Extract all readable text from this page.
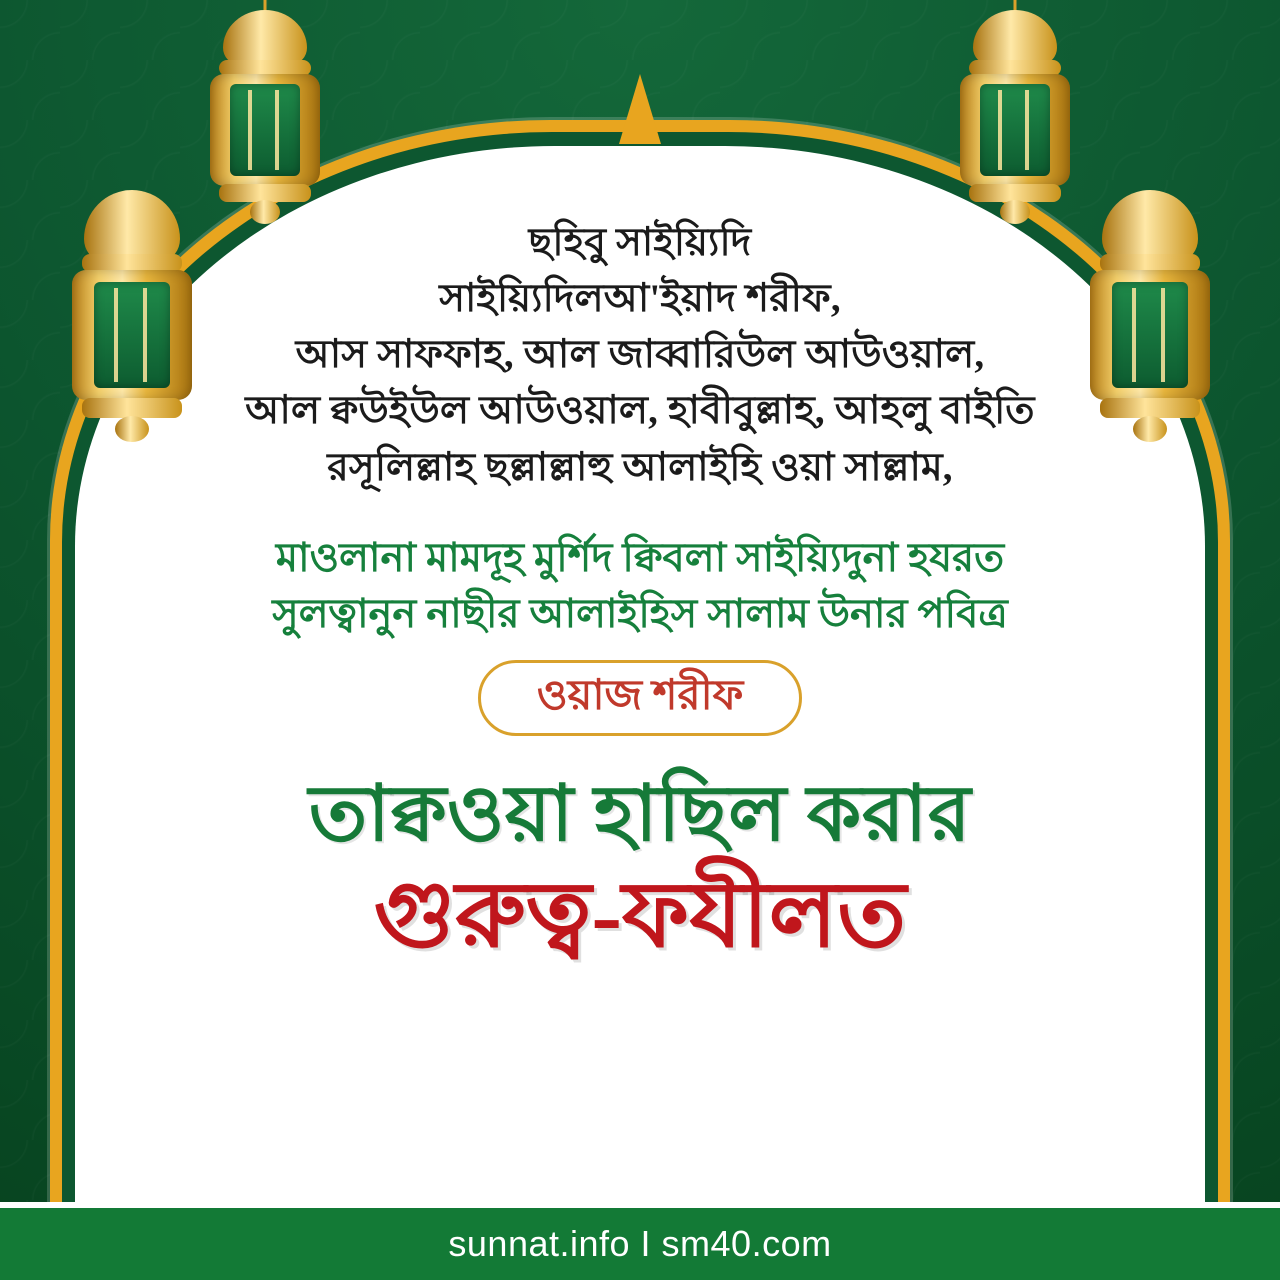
ছহিবু সাইয়্যিদি
সাইয়্যিদিলআ'ইয়াদ শরীফ,
আস সাফফাহ, আল জাব্বারিউল আউওয়াল,
আল ক্বউইউল আউওয়াল, হাবীবুল্লাহ, আহলু বাইতি
রসূলিল্লাহ ছল্লাল্লাহু আলাইহি ওয়া সাল্লাম,
মাওলানা মামদূহ মুর্শিদ ক্বিবলা সাইয়্যিদুনা হযরত
সুলত্বানুন নাছীর আলাইহিস সালাম উনার পবিত্র
ওয়াজ শরীফ
তাক্বওয়া হাছিল করার
গুরুত্ব-ফযীলত
sunnat.info I sm40.com
